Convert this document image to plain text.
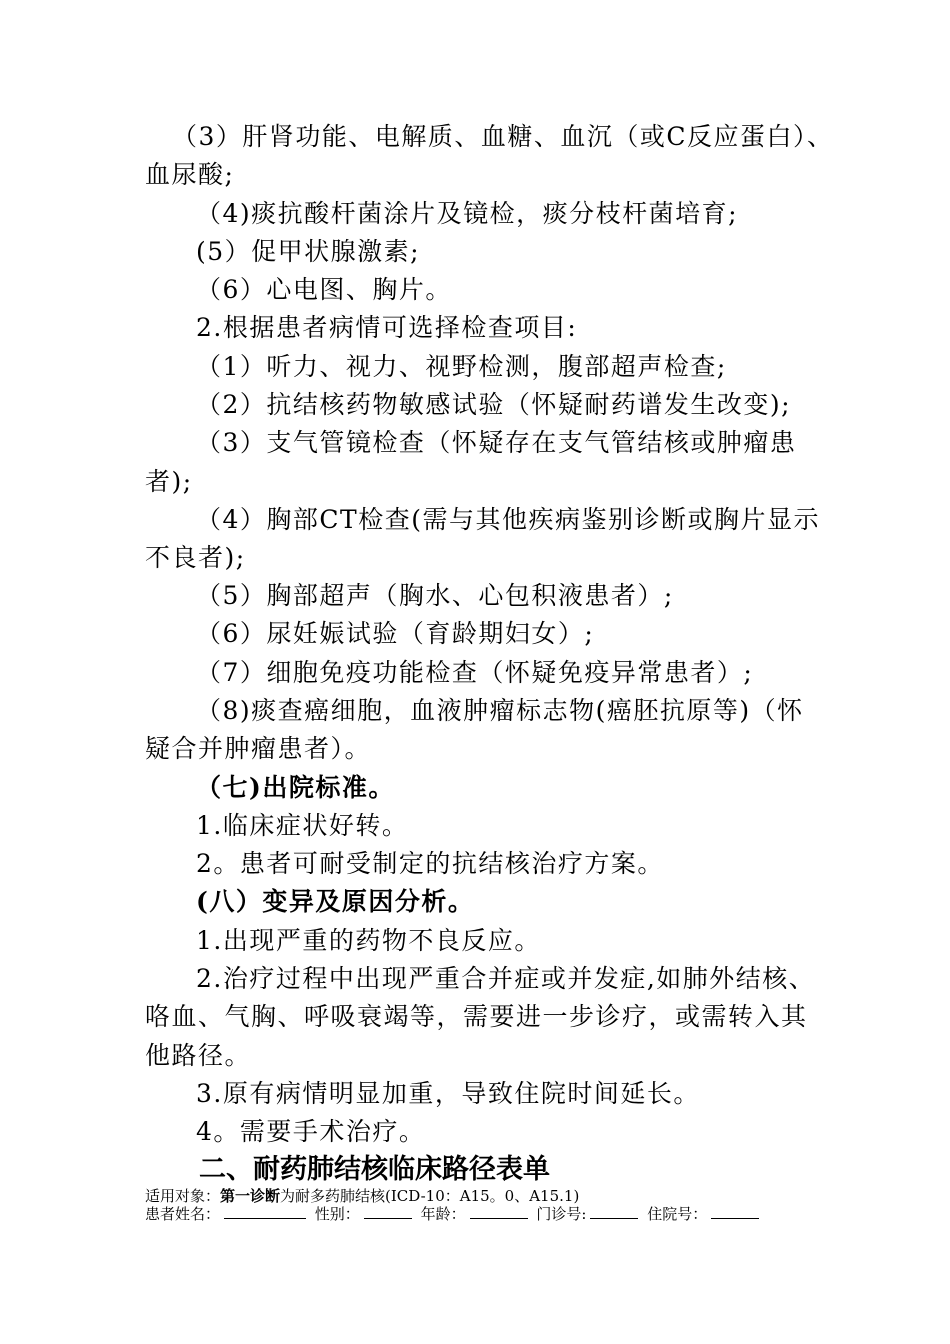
（3）肝肾功能、电解质、血糖、血沉（或C反应蛋白）、
血尿酸;
（4)痰抗酸杆菌涂片及镜检，痰分枝杆菌培育;
(5）促甲状腺激素;
（6）心电图、胸片。
2.根据患者病情可选择检查项目:
（1）听力、视力、视野检测，腹部超声检查;
（2）抗结核药物敏感试验（怀疑耐药谱发生改变);
（3）支气管镜检查（怀疑存在支气管结核或肿瘤患
者);
（4）胸部CT检查(需与其他疾病鉴别诊断或胸片显示
不良者);
（5）胸部超声（胸水、心包积液患者）;
（6）尿妊娠试验（育龄期妇女）;
（7）细胞免疫功能检查（怀疑免疫异常患者）;
（8)痰查癌细胞，血液肿瘤标志物(癌胚抗原等)（怀
疑合并肿瘤患者）。
（七)出院标准。
1.临床症状好转。
2。患者可耐受制定的抗结核治疗方案。
(八）变异及原因分析。
1.出现严重的药物不良反应。
2.治疗过程中出现严重合并症或并发症,如肺外结核、
咯血、气胸、呼吸衰竭等，需要进一步诊疗，或需转入其
他路径。
3.原有病情明显加重，导致住院时间延长。
4。需要手术治疗。
二、耐药肺结核临床路径表单
适用对象：第一诊断为耐多药肺结核(ICD-10：A15。0、A15.1)
患者姓名：	性别：	年龄：	门诊号:	住院号：
